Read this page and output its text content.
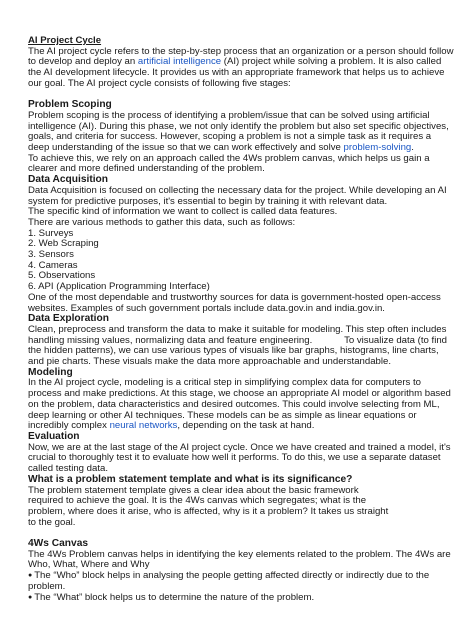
AI Project Cycle

The AI project cycle refers to the step-by-step process that an organization or a person should follow to develop and deploy an artificial intelligence (AI) project while solving a problem. It is also called the AI development lifecycle. It provides us with an appropriate framework that helps us to achieve our goal. The AI project cycle consists of following five stages:

Problem Scoping

Problem scoping is the process of identifying a problem/issue that can be solved using artificial intelligence (AI). During this phase, we not only identify the problem but also set specific objectives, goals, and criteria for success. However, scoping a problem is not a simple task as it requires a deep understanding of the issue so that we can work effectively and solve problem-solving.

To achieve this, we rely on an approach called the 4Ws problem canvas, which helps us gain a clearer and more defined understanding of the problem.

Data Acquisition

Data Acquisition is focused on collecting the necessary data for the project. While developing an AI system for predictive purposes, it's essential to begin by training it with relevant data.

The specific kind of information we want to collect is called data features.

There are various methods to gather this data, such as follows:

1. Surveys
2. Web Scraping
3. Sensors
4. Cameras
5. Observations
6. API (Application Programming Interface)

One of the most dependable and trustworthy sources for data is government-hosted open-access websites. Examples of such government portals include data.gov.in and india.gov.in.

Data Exploration

Clean, preprocess and transform the data to make it suitable for modeling. This step often includes handling missing values, normalizing data and feature engineering.            To visualize data (to find the hidden patterns), we can use various types of visuals like bar graphs, histograms, line charts, and pie charts. These visuals make the data more approachable and understandable.

Modeling

In the AI project cycle, modeling is a critical step in simplifying complex data for computers to process and make predictions. At this stage, we choose an appropriate AI model or algorithm based on the problem, data characteristics and desired outcomes. This could involve selecting from ML, deep learning or other AI techniques. These models can be as simple as linear equations or incredibly complex neural networks, depending on the task at hand.

Evaluation

Now, we are at the last stage of the AI project cycle. Once we have created and trained a model, it's crucial to thoroughly test it to evaluate how well it performs. To do this, we use a separate dataset called testing data.

What is a problem statement template and what is its significance?
The problem statement template gives a clear idea about the basic framework
required to achieve the goal. It is the 4Ws canvas which segregates; what is the
problem, where does it arise, who is affected, why is it a problem? It takes us straight
to the goal.
4Ws Canvas

The 4Ws Problem canvas helps in identifying the key elements related to the problem. The 4Ws are Who, What, Where and Why

● The “Who” block helps in analysing the people getting affected directly or indirectly due to the problem.
● The “What” block helps us to determine the nature of the problem.
